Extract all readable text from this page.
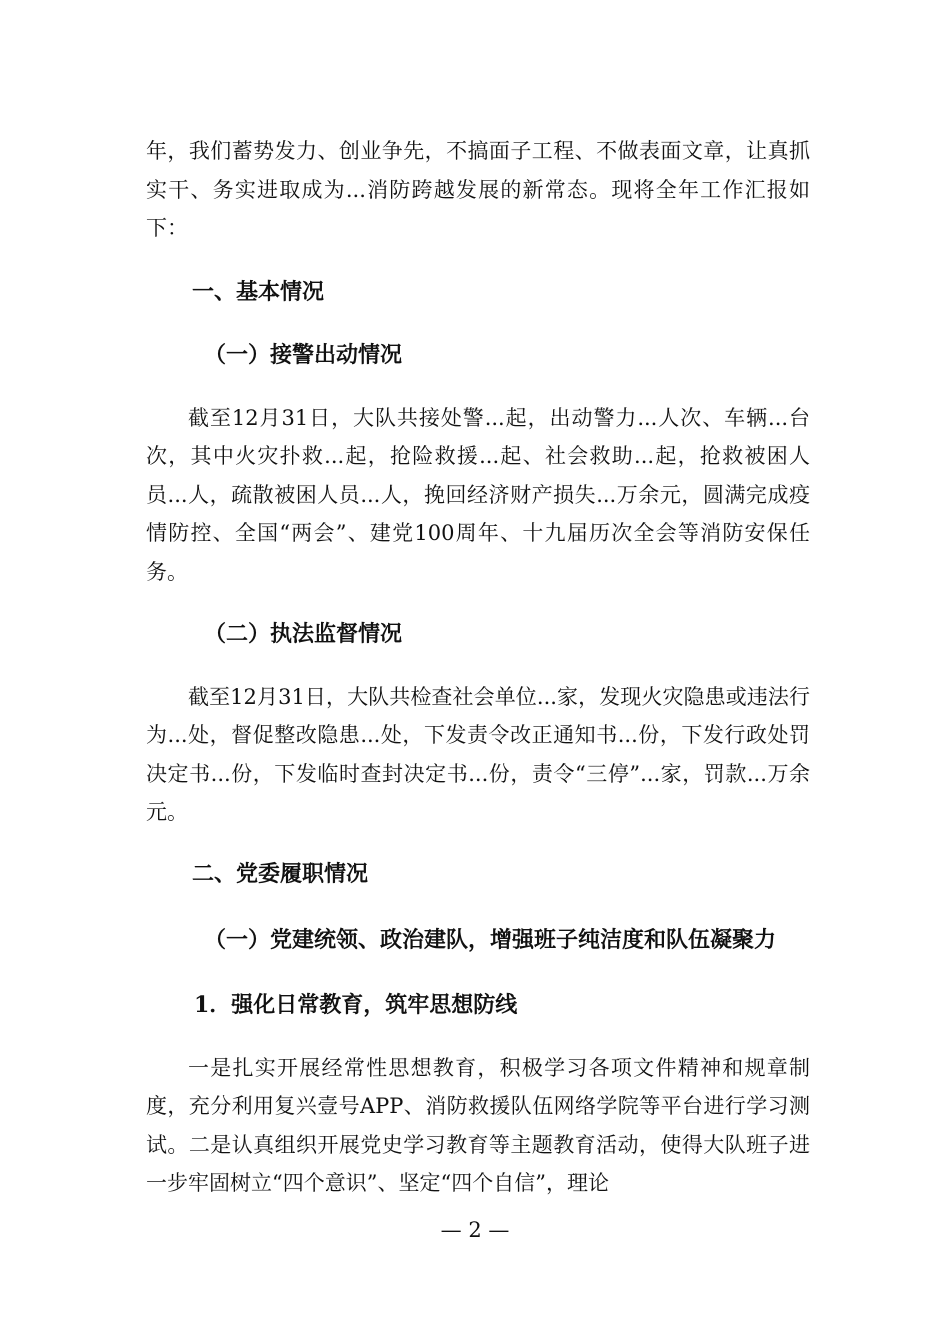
年，我们蓄势发力、创业争先，不搞面子工程、不做表面文章，让真抓实干、务实进取成为...消防跨越发展的新常态。现将全年工作汇报如下：

一、基本情况

（一）接警出动情况

截至12月31日，大队共接处警...起，出动警力...人次、车辆...台次，其中火灾扑救...起，抢险救援...起、社会救助...起，抢救被困人员...人，疏散被困人员...人，挽回经济财产损失...万余元，圆满完成疫情防控、全国“两会”、建党100周年、十九届历次全会等消防安保任务。

（二）执法监督情况

截至12月31日，大队共检查社会单位...家，发现火灾隐患或违法行为...处，督促整改隐患...处，下发责令改正通知书...份，下发行政处罚决定书...份，下发临时查封决定书...份，责令“三停”...家，罚款...万余元。

二、党委履职情况

（一）党建统领、政治建队，增强班子纯洁度和队伍凝聚力

1．强化日常教育，筑牢思想防线

一是扎实开展经常性思想教育，积极学习各项文件精神和规章制度，充分利用复兴壹号APP、消防救援队伍网络学院等平台进行学习测试。二是认真组织开展党史学习教育等主题教育活动，使得大队班子进一步牢固树立“四个意识”、坚定“四个自信”，理论

— 2 —
